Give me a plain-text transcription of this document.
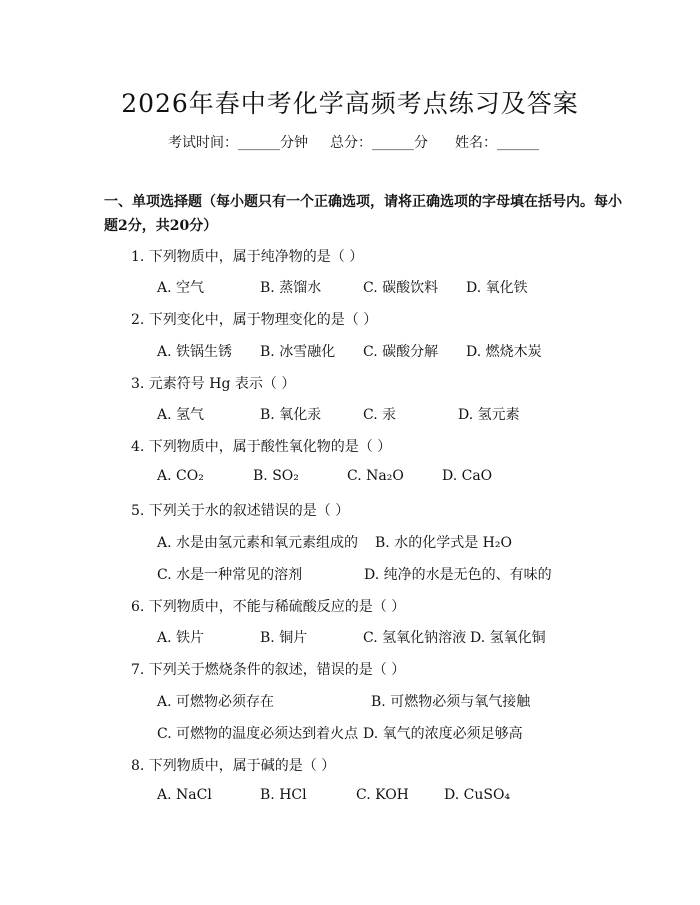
2026年春中考化学高频考点练习及答案
考试时间：______分钟 总分：______分 姓名：______
一、单项选择题（每小题只有一个正确选项，请将正确选项的字母填在括号内。每小题2分，共20分）
1. 下列物质中，属于纯净物的是（ ）
A. 空气	B. 蒸馏水	C. 碳酸饮料 D. 氧化铁
2. 下列变化中，属于物理变化的是（ ）
A. 铁锅生锈 B. 冰雪融化 C. 碳酸分解 D. 燃烧木炭
3. 元素符号 Hg 表示（ ）
A. 氢气	B. 氧化汞	C. 汞	D. 氢元素
4. 下列物质中，属于酸性氧化物的是（ ）
A. CO₂	B. SO₂	C. Na₂O	D. CaO
5. 下列关于水的叙述错误的是（ ）
A. 水是由氢元素和氧元素组成的 B. 水的化学式是 H₂O
C. 水是一种常见的溶剂	D. 纯净的水是无色的、有味的
6. 下列物质中，不能与稀硫酸反应的是（ ）
A. 铁片	B. 铜片	C. 氢氧化钠溶液 D. 氢氧化铜
7. 下列关于燃烧条件的叙述，错误的是（ ）
A. 可燃物必须存在	B. 可燃物必须与氧气接触
C. 可燃物的温度必须达到着火点 D. 氧气的浓度必须足够高
8. 下列物质中，属于碱的是（ ）
A. NaCl	B. HCl	C. KOH	D. CuSO₄
